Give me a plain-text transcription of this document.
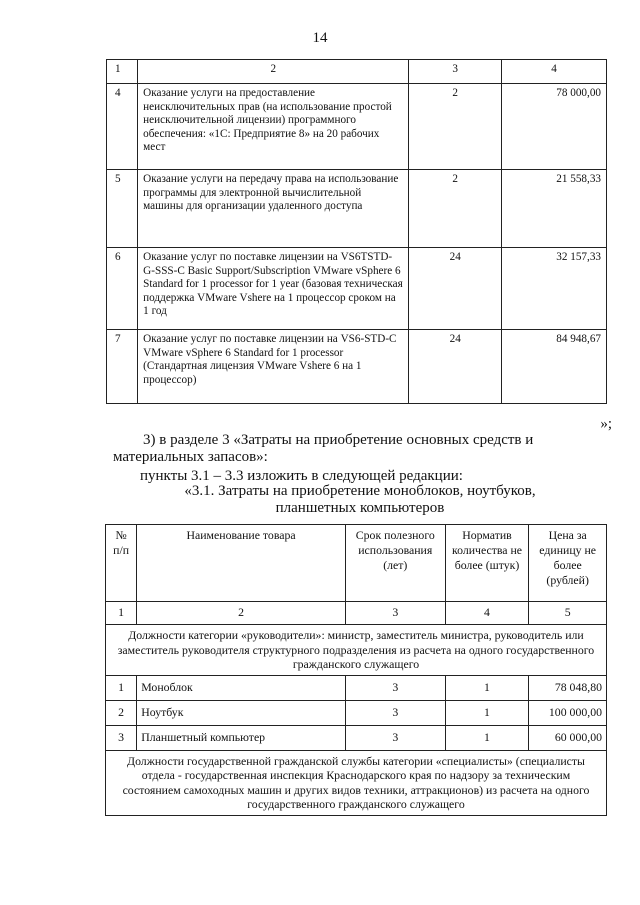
14
1	2	3	4
4	Оказание услуги на предоставление неисключительных прав (на использование простой неисключительной лицензии) программного обеспечения: «1С: Предприятие 8» на 20 рабочих мест	2	78 000,00
5	Оказание услуги на передачу права на использование программы для электронной вычислительной машины для организации удаленного доступа	2	21 558,33
6	Оказание услуг по поставке лицензии на VS6TSTD-G-SSS-C Basic Support/Subscription VMware vSphere 6 Standard for 1 processor for 1 year (базовая техническая поддержка VMware Vshere на 1 процессор сроком на 1 год	24	32 157,33
7	Оказание услуг по поставке лицензии на VS6-STD-C VMware vSphere 6 Standard for 1 processor (Стандартная лицензия VMware Vshere 6 на 1 процессор)	24	84 948,67
»;
3) в разделе 3 «Затраты на приобретение основных средств и
материальных запасов»:
пункты 3.1 – 3.3 изложить в следующей редакции:
«3.1. Затраты на приобретение моноблоков, ноутбуков,
планшетных компьютеров
№ п/п	Наименование товара	Срок полезного использования (лет)	Норматив количества не более (штук)	Цена за единицу не более (рублей)
1	2	3	4	5
Должности категории «руководители»: министр, заместитель министра, руководитель или заместитель руководителя структурного подразделения из расчета на одного государственного гражданского служащего				
1	Моноблок	3	1	78 048,80
2	Ноутбук	3	1	100 000,00
3	Планшетный компьютер	3	1	60 000,00
Должности государственной гражданской службы категории «специалисты» (специалисты отдела - государственная инспекция Краснодарского края по надзору за техническим состоянием самоходных машин и других видов техники, аттракционов) из расчета на одного государственного гражданского служащего				
